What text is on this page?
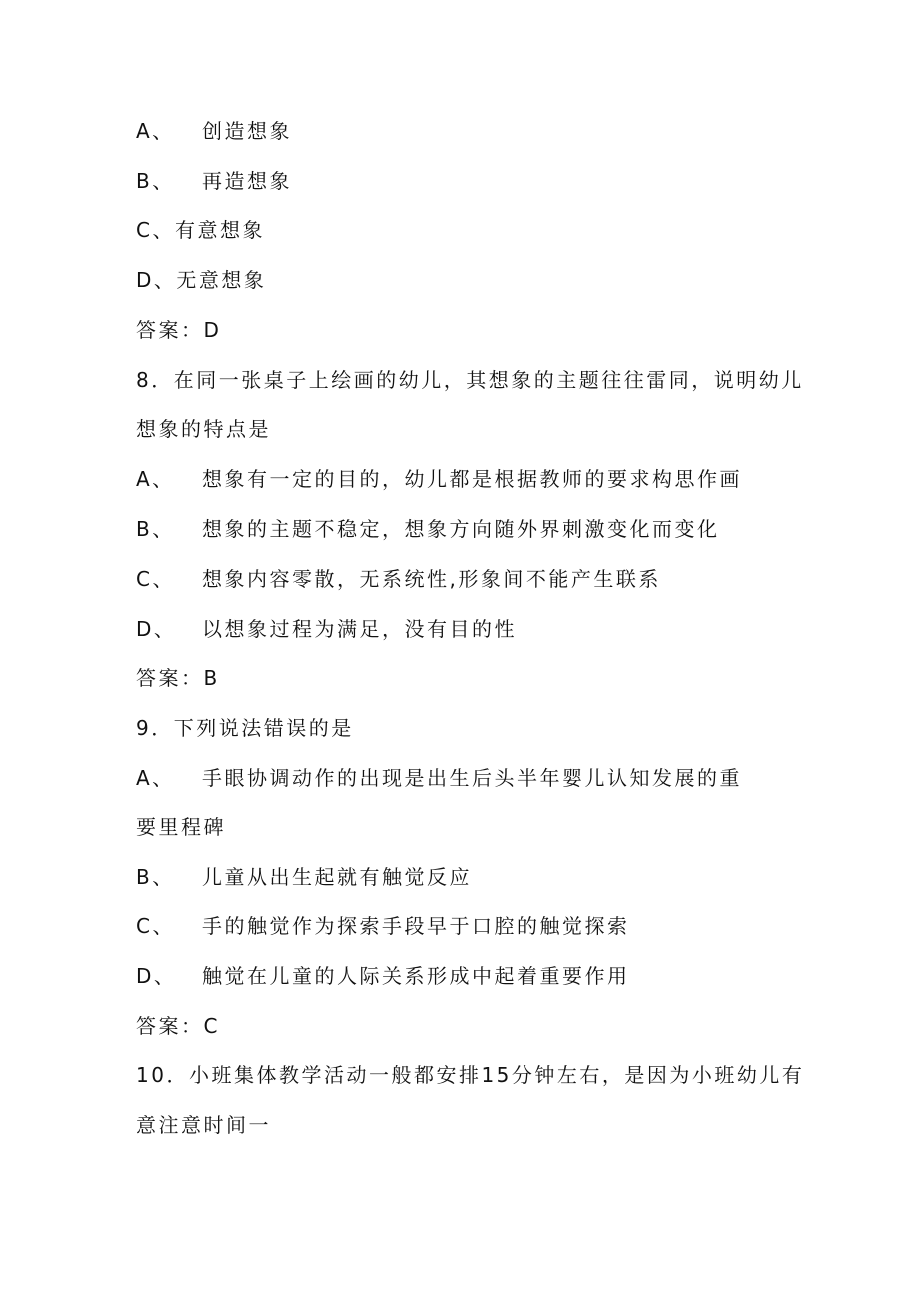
A、 创造想象
B、 再造想象
C、有意想象
D、无意想象
答案：D
8．在同一张桌子上绘画的幼儿，其想象的主题往往雷同，说明幼儿
想象的特点是
A、 想象有一定的目的，幼儿都是根据教师的要求构思作画
B、 想象的主题不稳定，想象方向随外界刺激变化而变化
C、 想象内容零散，无系统性,形象间不能产生联系
D、 以想象过程为满足，没有目的性
答案：B
9．下列说法错误的是
A、 手眼协调动作的出现是出生后头半年婴儿认知发展的重
要里程碑
B、 儿童从出生起就有触觉反应
C、 手的触觉作为探索手段早于口腔的触觉探索
D、 触觉在儿童的人际关系形成中起着重要作用
答案：C
10．小班集体教学活动一般都安排15分钟左右，是因为小班幼儿有
意注意时间一
